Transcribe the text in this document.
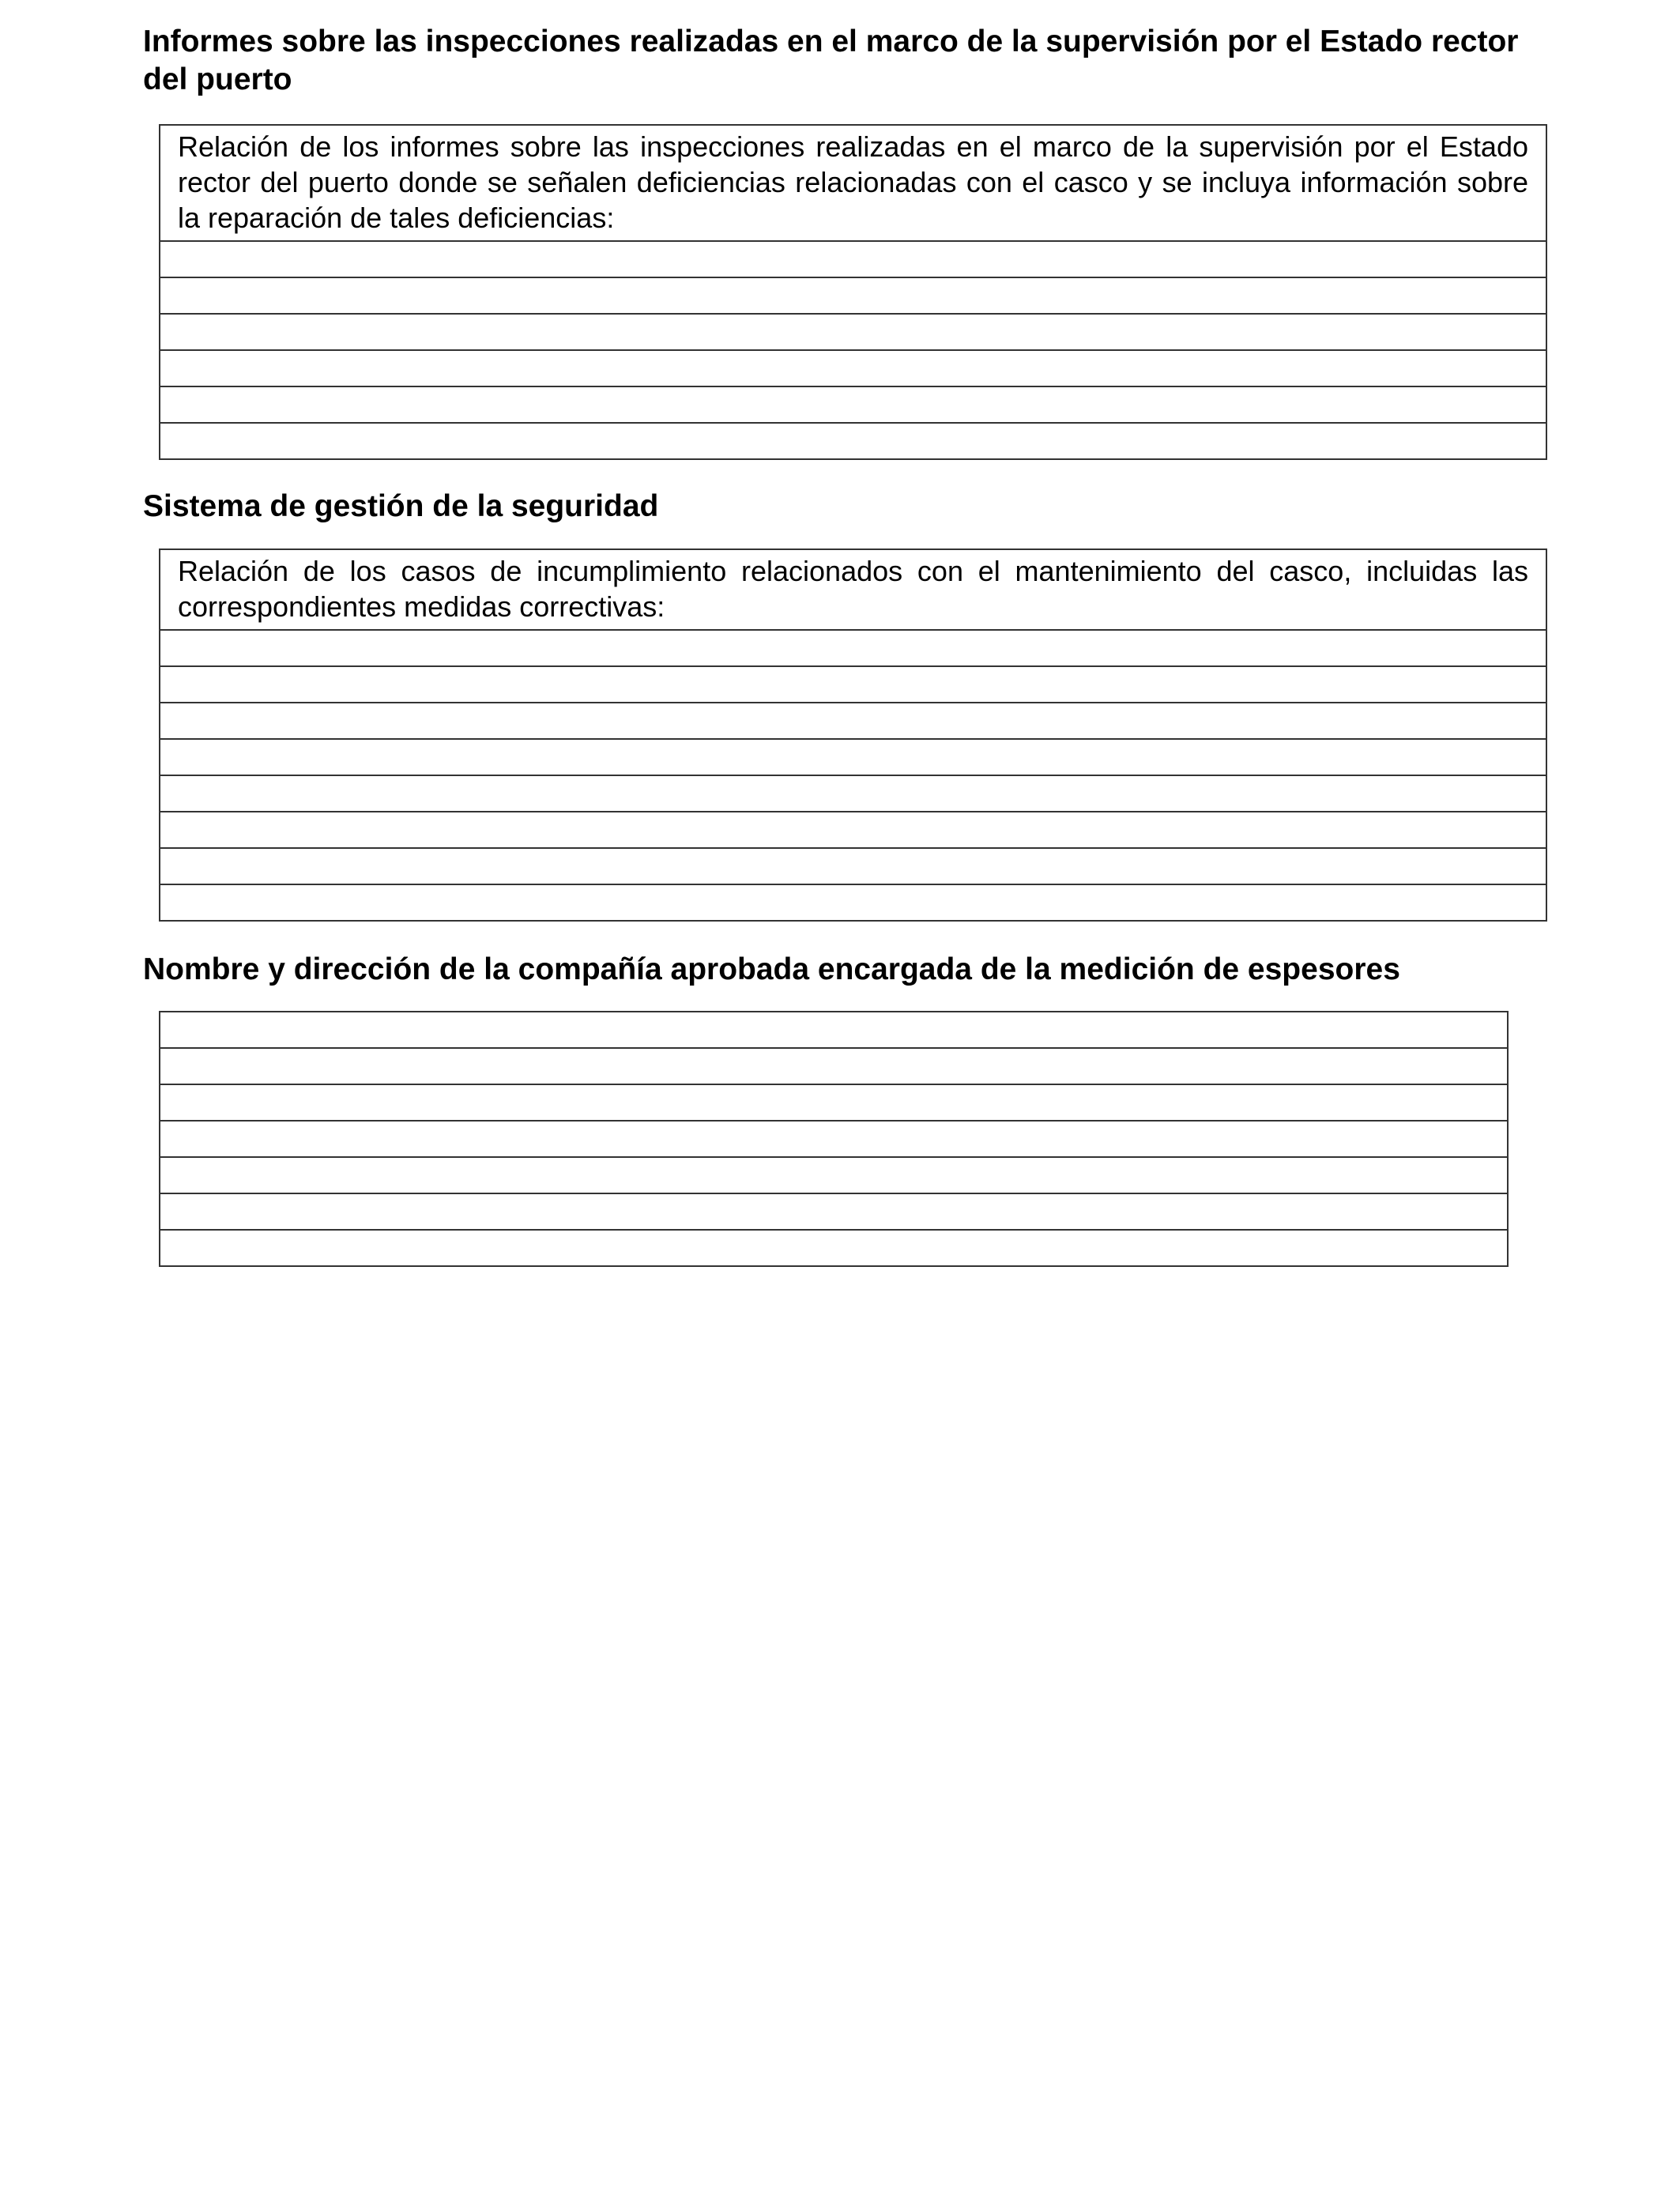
Informes sobre las inspecciones realizadas en el marco de la supervisión por el Estado rector del puerto
Relación de los informes sobre las inspecciones realizadas en el marco de la supervisión por el Estado rector del puerto donde se señalen deficiencias relacionadas con el casco y se incluya información sobre la reparación de tales deficiencias:

Sistema de gestión de la seguridad
Relación de los casos de incumplimiento relacionados con el mantenimiento del casco, incluidas las correspondientes medidas correctivas:

Nombre y dirección de la compañía aprobada encargada de la medición de espesores
